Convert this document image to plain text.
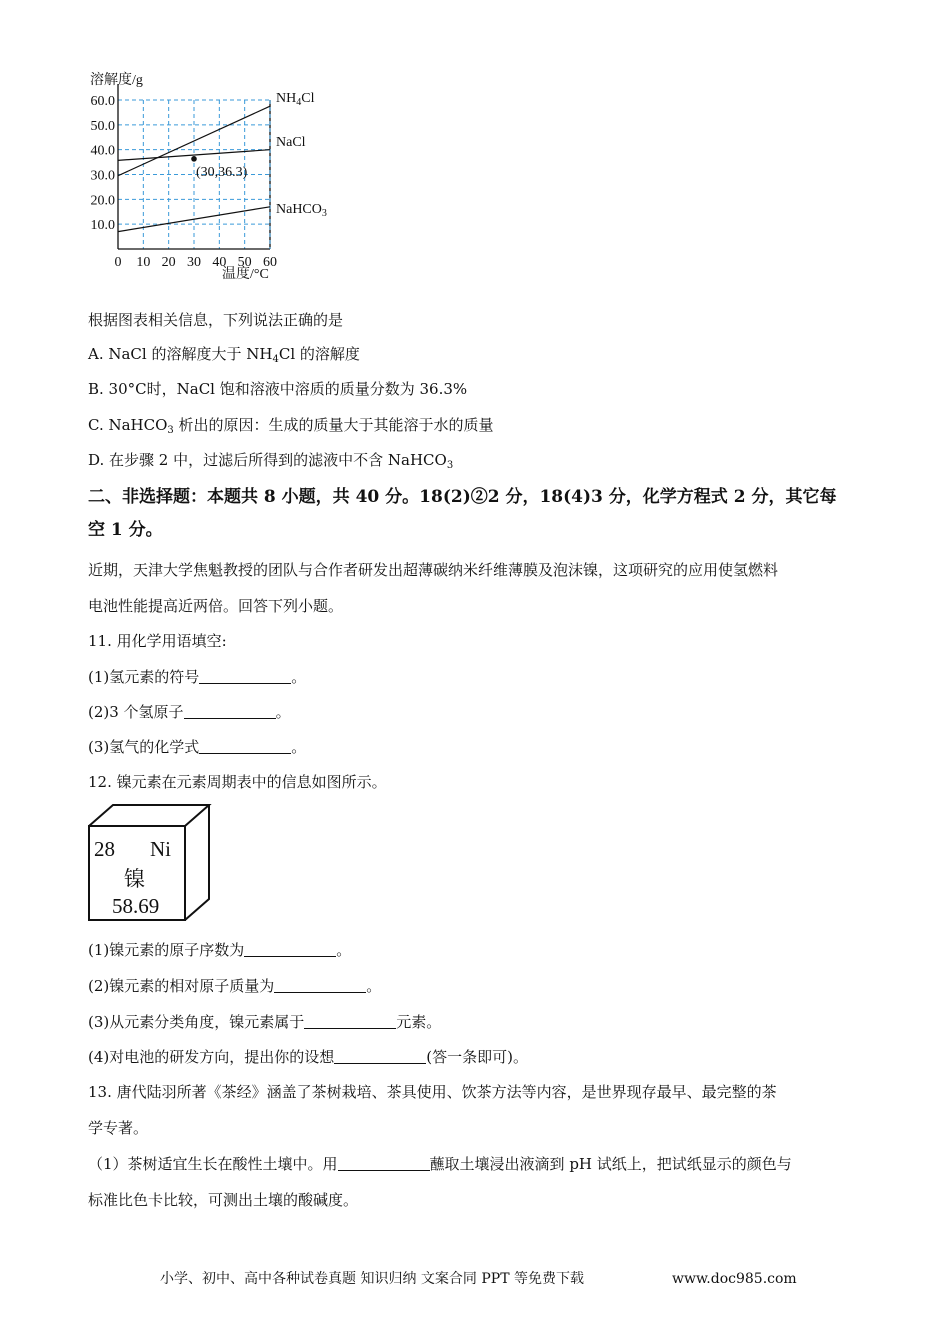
溶解度/g
0 10 20 30 40 50 60
10.0
20.0
30.0
40.0
50.0
60.0
(30,36.3)
$NH_4Cl$
NaCl
NaHCO$_3$
温度/°C
根据图表相关信息，下列说法正确的是
A. NaCl 的溶解度大于 $NH_4Cl$ 的溶解度
B. 30°C时，NaCl 饱和溶液中溶质的质量分数为 36.3%
C. NaHCO$_3$ 析出的原因：生成的质量大于其能溶于水的质量
D. 在步骤 2 中，过滤后所得到的滤液中不含 NaHCO$_3$
二、非选择题：本题共 8 小题，共 40 分。18(2)②2 分，18(4)3 分，化学方程式 2 分，其它每
空 1 分。
近期，天津大学焦魁教授的团队与合作者研发出超薄碳纳米纤维薄膜及泡沫镍，这项研究的应用使氢燃料
电池性能提高近两倍。回答下列小题。
11. 用化学用语填空:
(1)氢元素的符号	。
(2)3 个氢原子	。
(3)氢气的化学式	。
12. 镍元素在元素周期表中的信息如图所示。
28 Ni
镍
58.69
(1)镍元素的原子序数为	。
(2)镍元素的相对原子质量为	。
(3)从元素分类角度，镍元素属于	元素。
(4)对电池的研发方向，提出你的设想	(答一条即可)。
13. 唐代陆羽所著《茶经》涵盖了茶树栽培、茶具使用、饮茶方法等内容，是世界现存最早、最完整的茶
学专著。
（1）茶树适宜生长在酸性土壤中。用	蘸取土壤浸出液滴到 pH 试纸上，把试纸显示的颜色与
标准比色卡比较，可测出土壤的酸碱度。
小学、初中、高中各种试卷真题 知识归纳 文案合同 PPT 等免费下载	www.doc985.com
